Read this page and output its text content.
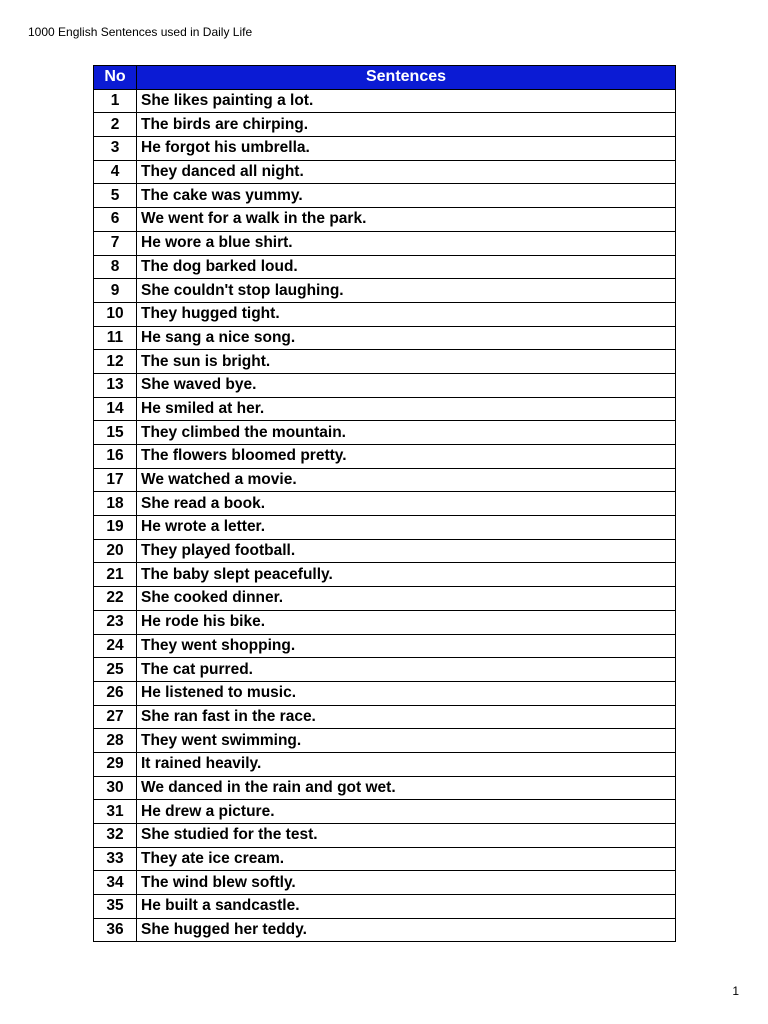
1000 English Sentences used in Daily Life
No	Sentences
1	She likes painting a lot.
2	The birds are chirping.
3	He forgot his umbrella.
4	They danced all night.
5	The cake was yummy.
6	We went for a walk in the park.
7	He wore a blue shirt.
8	The dog barked loud.
9	She couldn't stop laughing.
10	They hugged tight.
11	He sang a nice song.
12	The sun is bright.
13	She waved bye.
14	He smiled at her.
15	They climbed the mountain.
16	The flowers bloomed pretty.
17	We watched a movie.
18	She read a book.
19	He wrote a letter.
20	They played football.
21	The baby slept peacefully.
22	She cooked dinner.
23	He rode his bike.
24	They went shopping.
25	The cat purred.
26	He listened to music.
27	She ran fast in the race.
28	They went swimming.
29	It rained heavily.
30	We danced in the rain and got wet.
31	He drew a picture.
32	She studied for the test.
33	They ate ice cream.
34	The wind blew softly.
35	He built a sandcastle.
36	She hugged her teddy.
1
